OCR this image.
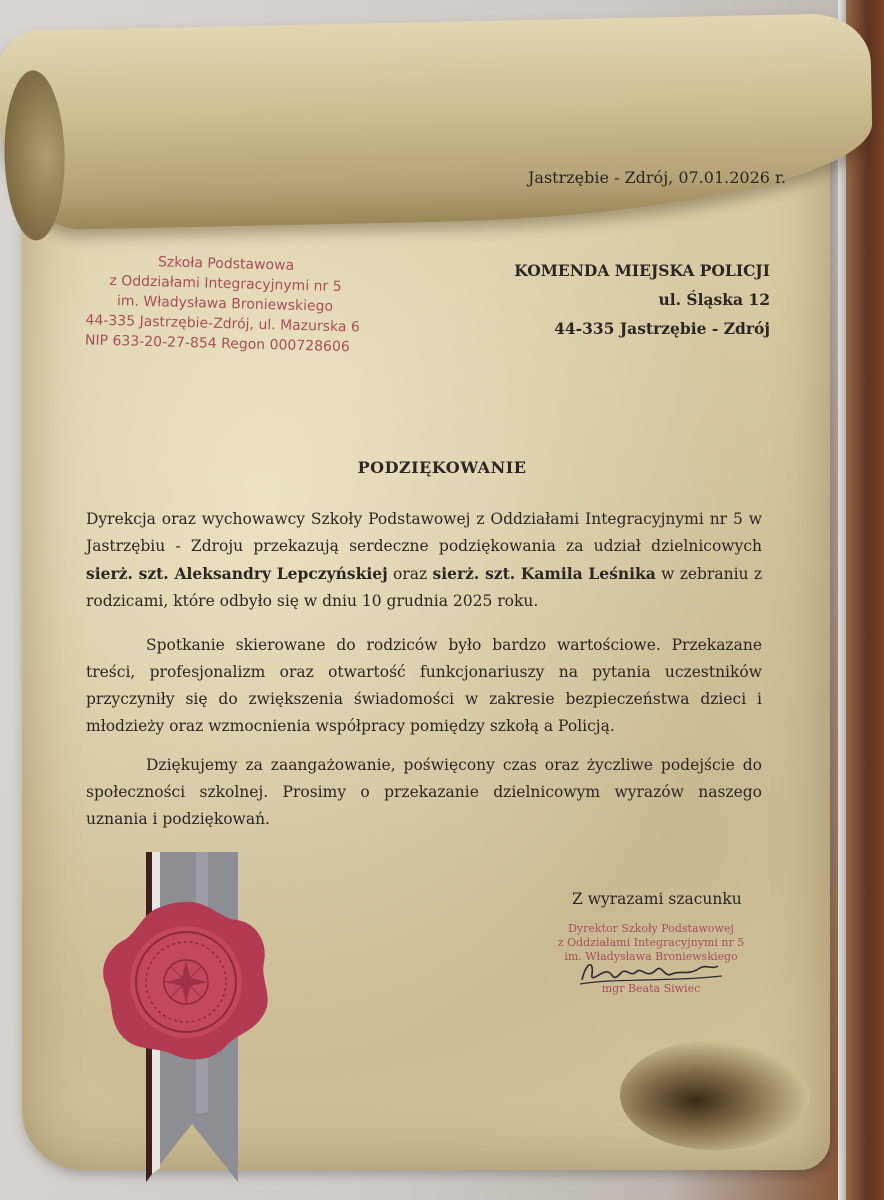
Jastrzębie - Zdrój, 07.01.2026 r.
Szkoła Podstawowa
z Oddziałami Integracyjnymi nr 5
im. Władysława Broniewskiego
44-335 Jastrzębie-Zdrój, ul. Mazurska 6
NIP 633-20-27-854 Regon 000728606
KOMENDA MIEJSKA POLICJI
ul. Śląska 12
44-335 Jastrzębie - Zdrój
PODZIĘKOWANIE
Dyrekcja oraz wychowawcy Szkoły Podstawowej z Oddziałami Integracyjnymi nr 5 w Jastrzębiu - Zdroju przekazują serdeczne podziękowania za udział dzielnicowych sierż. szt. Aleksandry Lepczyńskiej oraz sierż. szt. Kamila Leśnika w zebraniu z rodzicami, które odbyło się w dniu 10 grudnia 2025 roku.
Spotkanie skierowane do rodziców było bardzo wartościowe. Przekazane treści, profesjonalizm oraz otwartość funkcjonariuszy na pytania uczestników przyczyniły się do zwiększenia świadomości w zakresie bezpieczeństwa dzieci i młodzieży oraz wzmocnienia współpracy pomiędzy szkołą a Policją.
Dziękujemy za zaangażowanie, poświęcony czas oraz życzliwe podejście do społeczności szkolnej. Prosimy o przekazanie dzielnicowym wyrazów naszego uznania i podziękowań.
Z wyrazami szacunku
Dyrektor Szkoły Podstawowej
z Oddziałami Integracyjnymi nr 5
im. Władysława Broniewskiego
mgr Beata Siwiec
